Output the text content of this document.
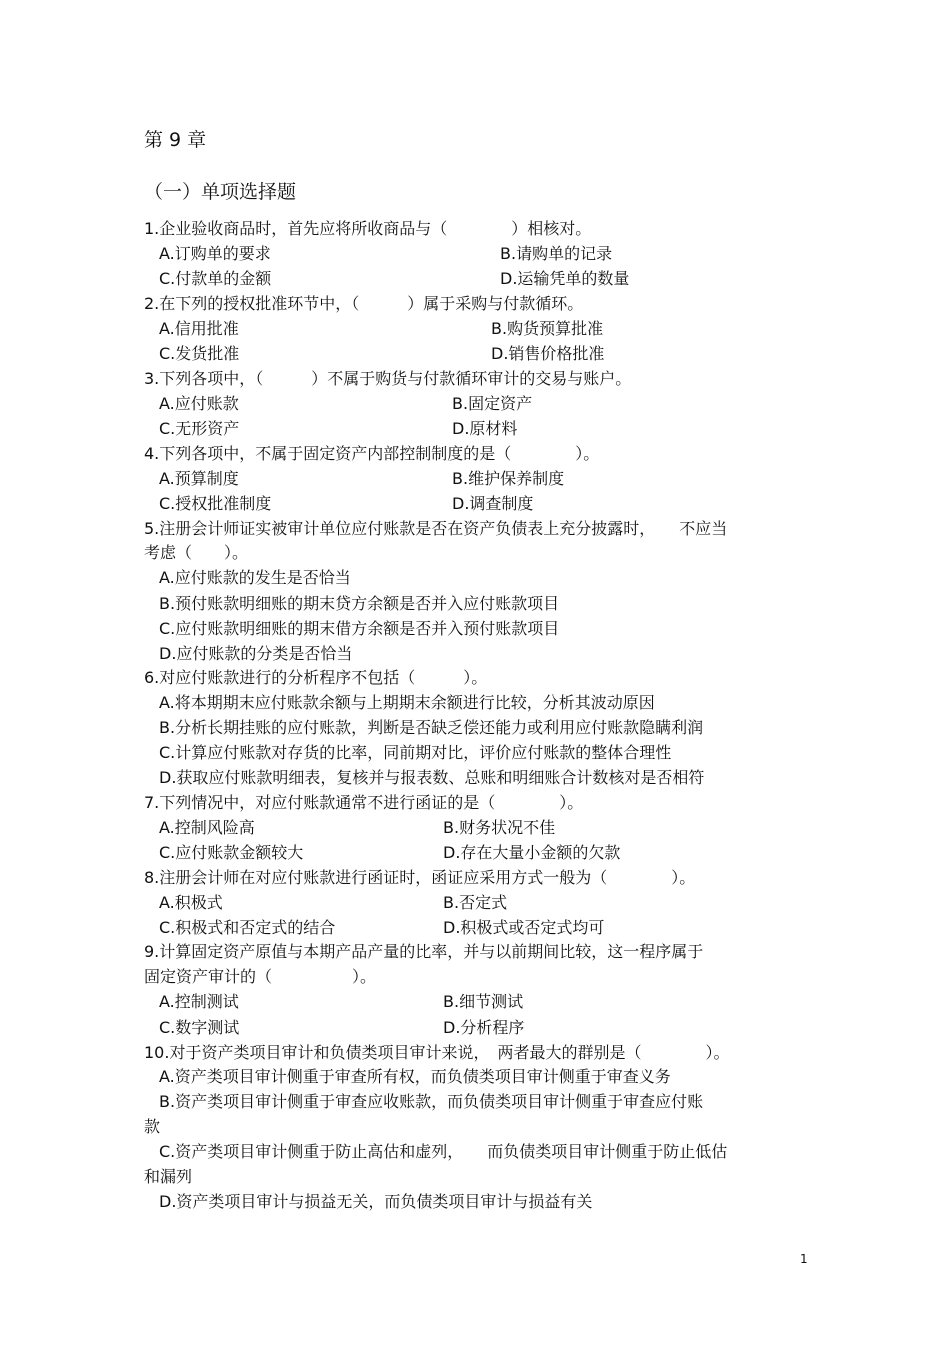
第 9 章
（一）单项选择题
1.企业验收商品时，首先应将所收商品与（　　　　）相核对。
A.订购单的要求	B.请购单的记录
C.付款单的金额	D.运输凭单的数量
2.在下列的授权批准环节中，（　　　）属于采购与付款循环。
A.信用批准	B.购货预算批准
C.发货批准	D.销售价格批准
3.下列各项中，（　　　）不属于购货与付款循环审计的交易与账户。
A.应付账款	B.固定资产
C.无形资产	D.原材料
4.下列各项中，不属于固定资产内部控制制度的是（　　　　）。
A.预算制度	B.维护保养制度
C.授权批准制度	D.调查制度
5.注册会计师证实被审计单位应付账款是否在资产负债表上充分披露时，　　不应当
考虑（　　）。
A.应付账款的发生是否恰当
B.预付账款明细账的期末贷方余额是否并入应付账款项目
C.应付账款明细账的期末借方余额是否并入预付账款项目
D.应付账款的分类是否恰当
6.对应付账款进行的分析程序不包括（　　　）。
A.将本期期末应付账款余额与上期期末余额进行比较，分析其波动原因
B.分析长期挂账的应付账款，判断是否缺乏偿还能力或利用应付账款隐瞒利润
C.计算应付账款对存货的比率，同前期对比，评价应付账款的整体合理性
D.获取应付账款明细表，复核并与报表数、总账和明细账合计数核对是否相符
7.下列情况中，对应付账款通常不进行函证的是（　　　　）。
A.控制风险高	B.财务状况不佳
C.应付账款金额较大	D.存在大量小金额的欠款
8.注册会计师在对应付账款进行函证时，函证应采用方式一般为（　　　　）。
A.积极式	B.否定式
C.积极式和否定式的结合	D.积极式或否定式均可
9.计算固定资产原值与本期产品产量的比率，并与以前期间比较，这一程序属于
固定资产审计的（　　　　　）。
A.控制测试	B.细节测试
C.数字测试	D.分析程序
10.对于资产类项目审计和负债类项目审计来说，　两者最大的群别是（　　　　）。
A.资产类项目审计侧重于审查所有权，而负债类项目审计侧重于审查义务
B.资产类项目审计侧重于审查应收账款，而负债类项目审计侧重于审查应付账
款
C.资产类项目审计侧重于防止高估和虚列，　　而负债类项目审计侧重于防止低估
和漏列
D.资产类项目审计与损益无关，而负债类项目审计与损益有关
1
